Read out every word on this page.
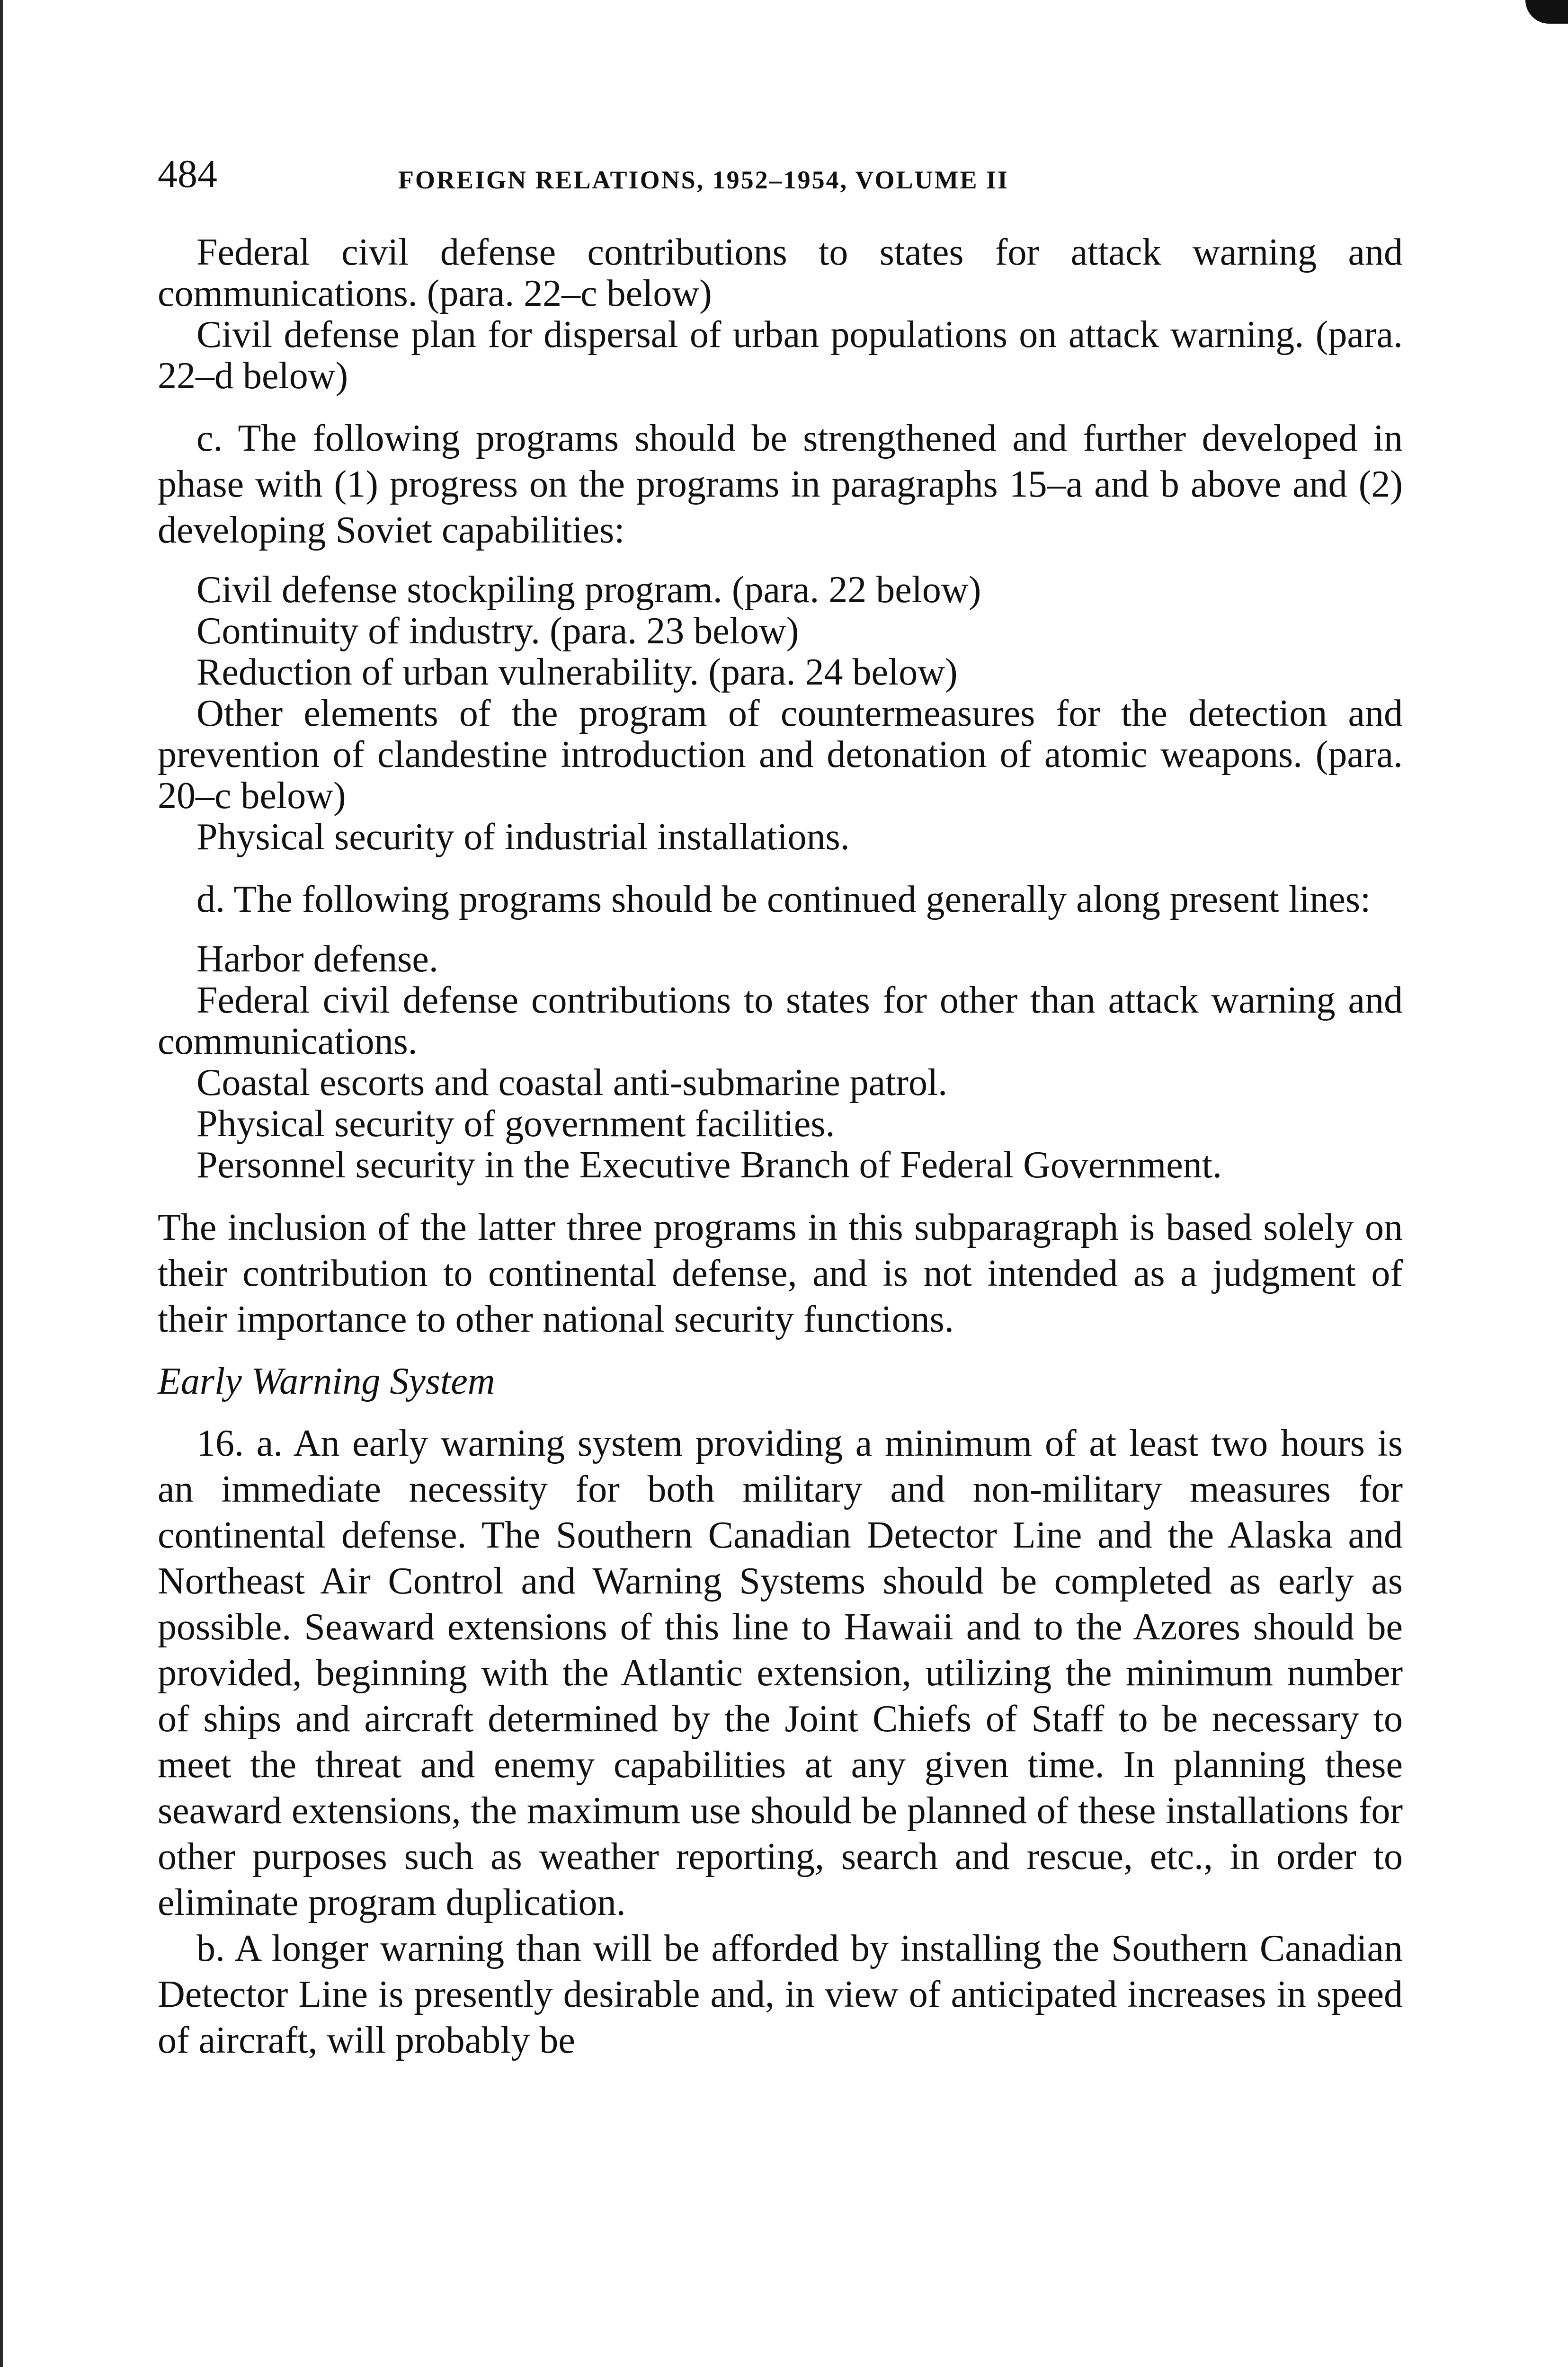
484	FOREIGN RELATIONS, 1952–1954, VOLUME II

Federal civil defense contributions to states for attack warning and communications. (para. 22–c below)

Civil defense plan for dispersal of urban populations on attack warning. (para. 22–d below)

c. The following programs should be strengthened and further developed in phase with (1) progress on the programs in paragraphs 15–a and b above and (2) developing Soviet capabilities:

Civil defense stockpiling program. (para. 22 below)

Continuity of industry. (para. 23 below)

Reduction of urban vulnerability. (para. 24 below)

Other elements of the program of countermeasures for the detection and prevention of clandestine introduction and detonation of atomic weapons. (para. 20–c below)

Physical security of industrial installations.

d. The following programs should be continued generally along present lines:

Harbor defense.

Federal civil defense contributions to states for other than attack warning and communications.

Coastal escorts and coastal anti-submarine patrol.

Physical security of government facilities.

Personnel security in the Executive Branch of Federal Government.

The inclusion of the latter three programs in this subparagraph is based solely on their contribution to continental defense, and is not intended as a judgment of their importance to other national security functions.

Early Warning System

16. a. An early warning system providing a minimum of at least two hours is an immediate necessity for both military and non-military measures for continental defense. The Southern Canadian Detector Line and the Alaska and Northeast Air Control and Warning Systems should be completed as early as possible. Seaward extensions of this line to Hawaii and to the Azores should be provided, beginning with the Atlantic extension, utilizing the minimum number of ships and aircraft determined by the Joint Chiefs of Staff to be necessary to meet the threat and enemy capabilities at any given time. In planning these seaward extensions, the maximum use should be planned of these installations for other purposes such as weather reporting, search and rescue, etc., in order to eliminate program duplication.

b. A longer warning than will be afforded by installing the Southern Canadian Detector Line is presently desirable and, in view of anticipated increases in speed of aircraft, will probably be
